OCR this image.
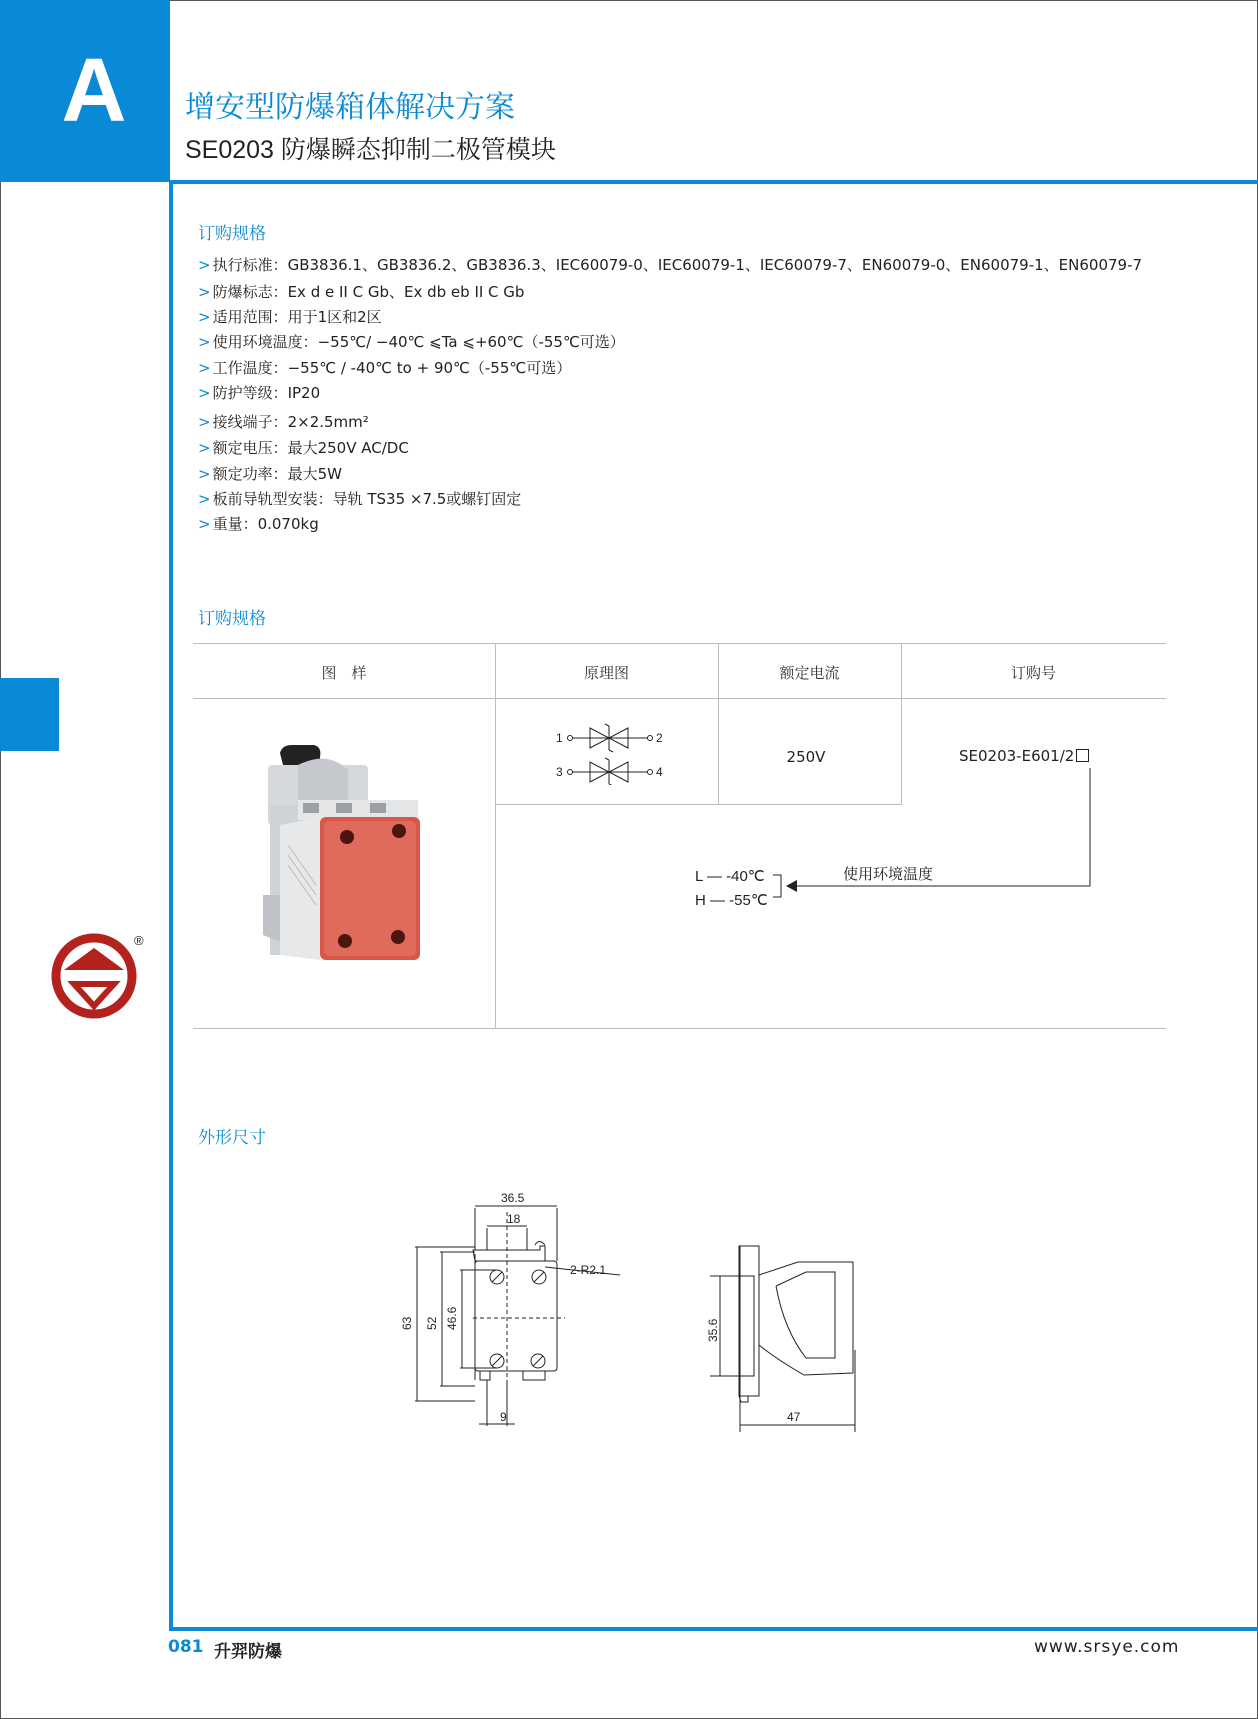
A	增安型防爆箱体解决方案
SE0203 防爆瞬态抑制二极管模块
订购规格
> 执行标准：GB3836.1、GB3836.2、GB3836.3、IEC60079-0、IEC60079-1、IEC60079-7、EN60079-0、EN60079-1、EN60079-7
> 防爆标志：Ex d e II C Gb、Ex db eb II C Gb
> 适用范围：用于1区和2区
> 使用环境温度：−55℃/ −40℃ ⩽Ta ⩽+60℃（-55℃可选）
> 工作温度：−55℃ / -40℃ to + 90℃（-55℃可选）
> 防护等级：IP20
> 接线端子：2×2.5mm²
> 额定电压：最大250V AC/DC
> 额定功率：最大5W
> 板前导轨型安装：导轨 TS35 ×7.5或螺钉固定
> 重量：0.070kg
订购规格
图　样	原理图	额定电流	订购号
1	2
3	4
250V	SE0203-E601/2
使用环境温度
L — -40℃
H — -55℃
外形尺寸
36.5
18
2-R2.1
63 52 46.6
9	47
35.6
®
081 升羿防爆	www.srsye.com
